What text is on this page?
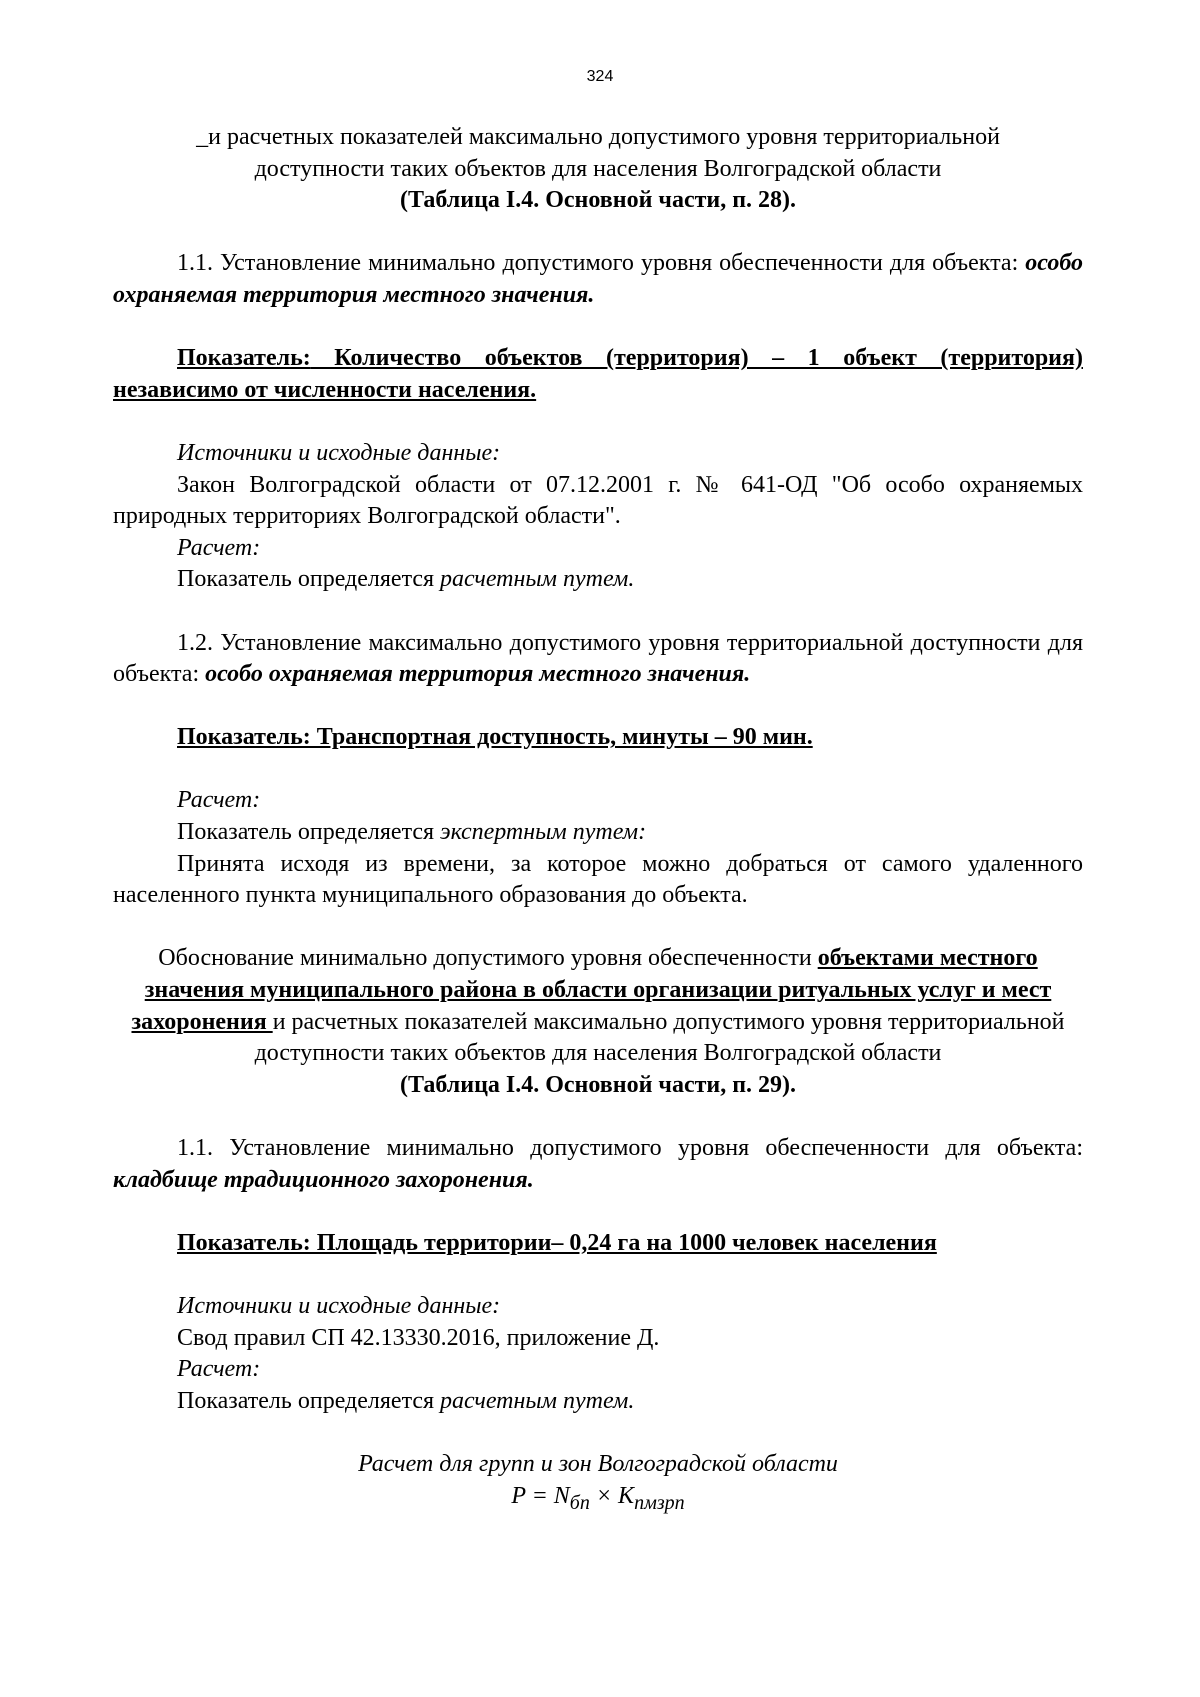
324

_и расчетных показателей максимально допустимого уровня территориальной

доступности таких объектов для населения Волгоградской области

(Таблица I.4. Основной части, п. 28).

1.1. Установление минимально допустимого уровня обеспеченности для объекта: особо охраняемая территория местного значения.

Показатель: Количество объектов (территория) – 1 объект (территория) независимо от численности населения.

Источники и исходные данные:

Закон Волгоградской области от 07.12.2001 г. № 641-ОД "Об особо охраняемых природных территориях Волгоградской области".

Расчет:

Показатель определяется расчетным путем.

1.2. Установление максимально допустимого уровня территориальной доступности для объекта: особо охраняемая территория местного значения.

Показатель: Транспортная доступность, минуты – 90 мин.

Расчет:

Показатель определяется экспертным путем:

Принята исходя из времени, за которое можно добраться от самого удаленного населенного пункта муниципального образования до объекта.

Обоснование минимально допустимого уровня обеспеченности объектами местного значения муниципального района в области организации ритуальных услуг и мест захоронения и расчетных показателей максимально допустимого уровня территориальной доступности таких объектов для населения Волгоградской области

(Таблица I.4. Основной части, п. 29).

1.1. Установление минимально допустимого уровня обеспеченности для объекта: кладбище традиционного захоронения.

Показатель: Площадь территории– 0,24 га на 1000 человек населения

Источники и исходные данные:

Свод правил СП 42.13330.2016, приложение Д.

Расчет:

Показатель определяется расчетным путем.

Расчет для групп и зон Волгоградской области

$P = N_{бп} \times K_{пмзрп}$
